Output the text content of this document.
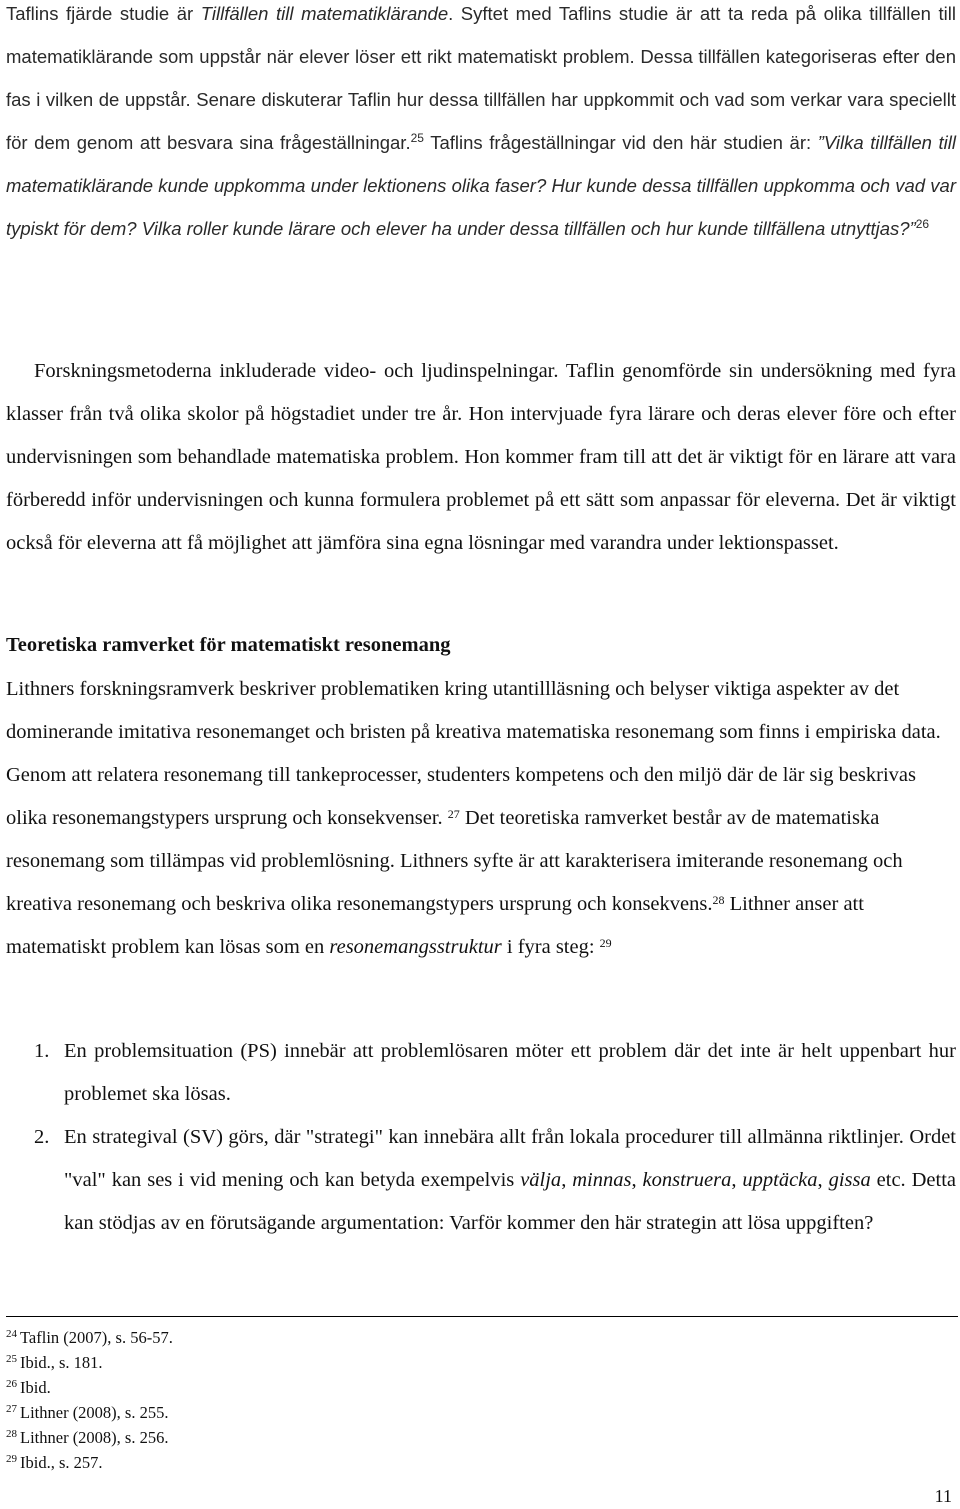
Taflins fjärde studie är Tillfällen till matematiklärande. Syftet med Taflins studie är att ta reda på olika tillfällen till matematiklärande som uppstår när elever löser ett rikt matematiskt problem. Dessa tillfällen kategoriseras efter den fas i vilken de uppstår. Senare diskuterar Taflin hur dessa tillfällen har uppkommit och vad som verkar vara speciellt för dem genom att besvara sina frågeställningar.$^{25}$ Taflins frågeställningar vid den här studien är: ”Vilka tillfällen till matematiklärande kunde uppkomma under lektionens olika faser? Hur kunde dessa tillfällen uppkomma och vad var typiskt för dem? Vilka roller kunde lärare och elever ha under dessa tillfällen och hur kunde tillfällena utnyttjas?”$^{26}$

Forskningsmetoderna inkluderade video- och ljudinspelningar. Taflin genomförde sin undersökning med fyra klasser från två olika skolor på högstadiet under tre år. Hon intervjuade fyra lärare och deras elever före och efter undervisningen som behandlade matematiska problem. Hon kommer fram till att det är viktigt för en lärare att vara förberedd inför undervisningen och kunna formulera problemet på ett sätt som anpassar för eleverna. Det är viktigt också för eleverna att få möjlighet att jämföra sina egna lösningar med varandra under lektionspasset.

Teoretiska ramverket för matematiskt resonemang

Lithners forskningsramverk beskriver problematiken kring utantillläsning och belyser viktiga aspekter av det dominerande imitativa resonemanget och bristen på kreativa matematiska resonemang som finns i empiriska data. Genom att relatera resonemang till tankeprocesser, studenters kompetens och den miljö där de lär sig beskrivas olika resonemangstypers ursprung och konsekvenser. $^{27}$ Det teoretiska ramverket består av de matematiska resonemang som tillämpas vid problemlösning. Lithners syfte är att karakterisera imiterande resonemang och kreativa resonemang och beskriva olika resonemangstypers ursprung och konsekvens.$^{28}$ Lithner anser att matematiskt problem kan lösas som en resonemangsstruktur i fyra steg: $^{29}$

1. En problemsituation (PS) innebär att problemlösaren möter ett problem där det inte är helt uppenbart hur problemet ska lösas.
2. En strategival (SV) görs, där "strategi" kan innebära allt från lokala procedurer till allmänna riktlinjer. Ordet "val" kan ses i vid mening och kan betyda exempelvis välja, minnas, konstruera, upptäcka, gissa etc. Detta kan stödjas av en förutsägande argumentation: Varför kommer den här strategin att lösa uppgiften?
$^{24}$ Taflin (2007), s. 56-57.
$^{25}$ Ibid., s. 181.
$^{26}$ Ibid.
$^{27}$ Lithner (2008), s. 255.
$^{28}$ Lithner (2008), s. 256.
$^{29}$ Ibid., s. 257.
11
